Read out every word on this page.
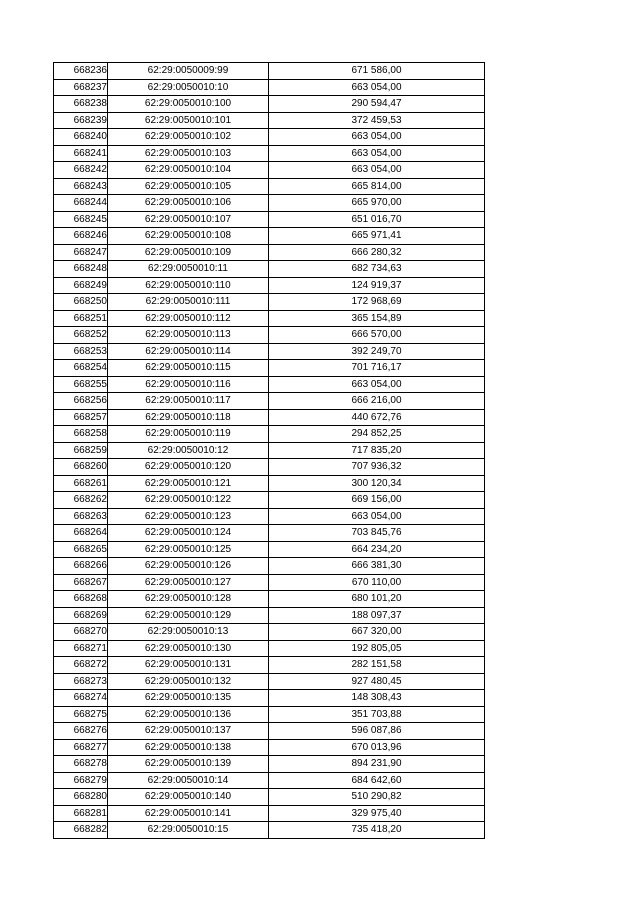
668236	62:29:0050009:99	671 586,00
668237	62:29:0050010:10	663 054,00
668238	62:29:0050010:100	290 594,47
668239	62:29:0050010:101	372 459,53
668240	62:29:0050010:102	663 054,00
668241	62:29:0050010:103	663 054,00
668242	62:29:0050010:104	663 054,00
668243	62:29:0050010:105	665 814,00
668244	62:29:0050010:106	665 970,00
668245	62:29:0050010:107	651 016,70
668246	62:29:0050010:108	665 971,41
668247	62:29:0050010:109	666 280,32
668248	62:29:0050010:11	682 734,63
668249	62:29:0050010:110	124 919,37
668250	62:29:0050010:111	172 968,69
668251	62:29:0050010:112	365 154,89
668252	62:29:0050010:113	666 570,00
668253	62:29:0050010:114	392 249,70
668254	62:29:0050010:115	701 716,17
668255	62:29:0050010:116	663 054,00
668256	62:29:0050010:117	666 216,00
668257	62:29:0050010:118	440 672,76
668258	62:29:0050010:119	294 852,25
668259	62:29:0050010:12	717 835,20
668260	62:29:0050010:120	707 936,32
668261	62:29:0050010:121	300 120,34
668262	62:29:0050010:122	669 156,00
668263	62:29:0050010:123	663 054,00
668264	62:29:0050010:124	703 845,76
668265	62:29:0050010:125	664 234,20
668266	62:29:0050010:126	666 381,30
668267	62:29:0050010:127	670 110,00
668268	62:29:0050010:128	680 101,20
668269	62:29:0050010:129	188 097,37
668270	62:29:0050010:13	667 320,00
668271	62:29:0050010:130	192 805,05
668272	62:29:0050010:131	282 151,58
668273	62:29:0050010:132	927 480,45
668274	62:29:0050010:135	148 308,43
668275	62:29:0050010:136	351 703,88
668276	62:29:0050010:137	596 087,86
668277	62:29:0050010:138	670 013,96
668278	62:29:0050010:139	894 231,90
668279	62:29:0050010:14	684 642,60
668280	62:29:0050010:140	510 290,82
668281	62:29:0050010:141	329 975,40
668282	62:29:0050010:15	735 418,20
